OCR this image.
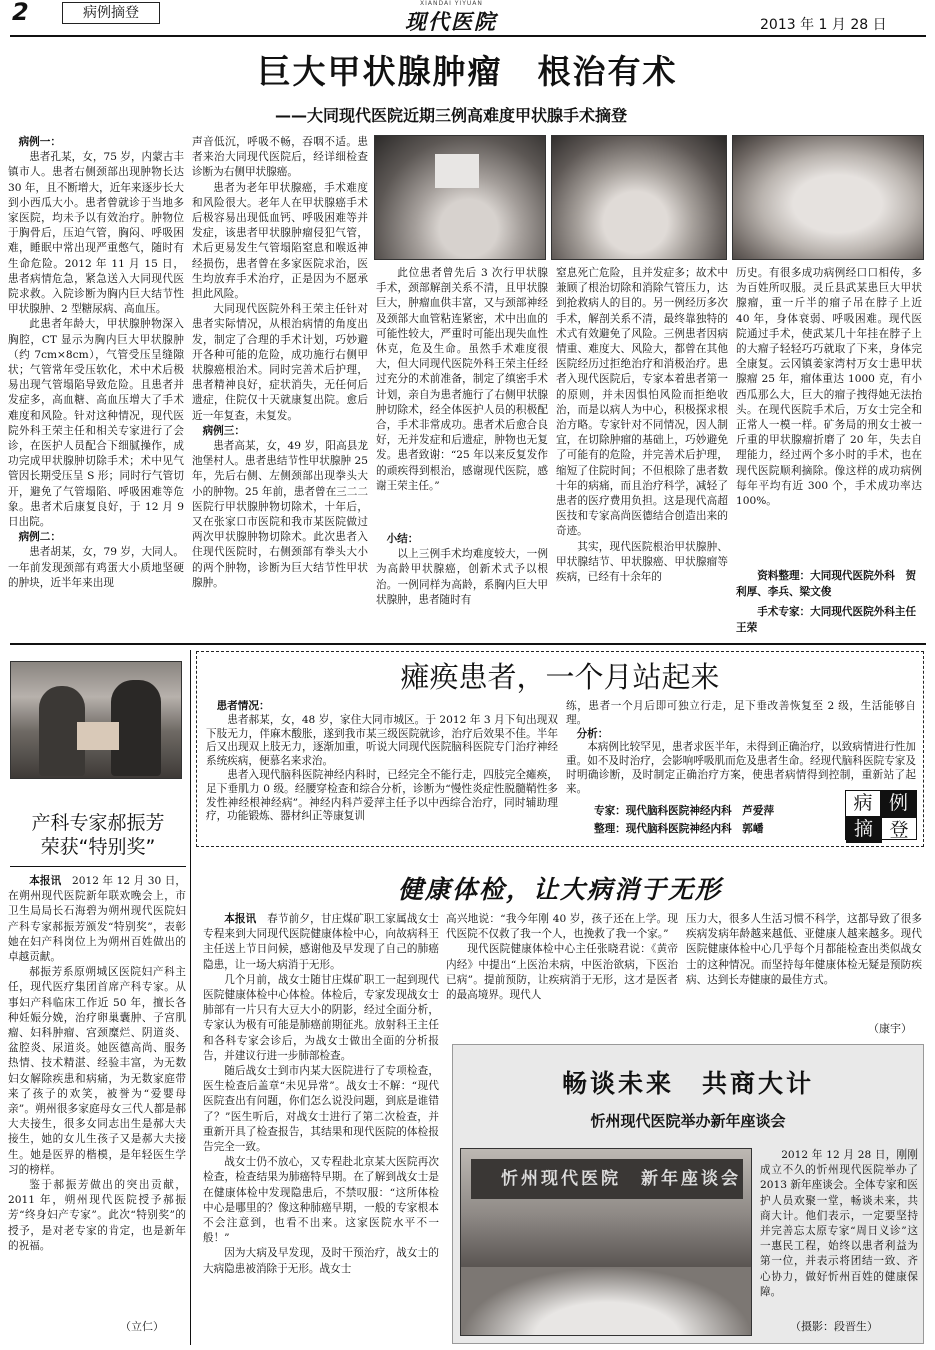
2	病例摘登
XIANDAI YIYUAN
现代医院	2013 年 1 月 28 日
巨大甲状腺肿瘤　根治有术
——大同现代医院近期三例高难度甲状腺手术摘登

病例一：

患者孔某，女，75 岁，内蒙古丰镇市人。患者右侧颈部出现肿物长达 30 年，且不断增大，近年来逐步长大到小西瓜大小。患者曾就诊于当地多家医院，均未予以有效治疗。肿物位于胸骨后，压迫气管，胸闷、呼吸困难，睡眠中常出现严重憋气，随时有生命危险。2012 年 11 月 15 日，患者病情危急，紧急送入大同现代医院求救。入院诊断为胸内巨大结节性甲状腺肿、2 型糖尿病、高血压。

此患者年龄大，甲状腺肿物深入胸腔，CT 显示为胸内巨大甲状腺肿（约 7cm×8cm），气管受压呈缝隙状；气管常年受压软化，术中术后极易出现气管塌陷导致危险。且患者并发症多，高血糖、高血压增大了手术难度和风险。针对这种情况，现代医院外科王荣主任和相关专家进行了会诊，在医护人员配合下细腻操作，成功完成甲状腺肿切除手术；术中见气管因长期受压呈 S 形；同时行气管切开，避免了气管塌陷、呼吸困难等危象。患者术后康复良好，于 12 月 9 日出院。

病例二：

患者胡某，女，79 岁，大同人。一年前发现颈部有鸡蛋大小质地坚硬的肿块，近半年来出现

声音低沉，呼吸不畅，吞咽不适。患者来治大同现代医院后，经详细检查诊断为右侧甲状腺癌。

患者为老年甲状腺癌，手术难度和风险很大。老年人在甲状腺癌手术后极容易出现低血钙、呼吸困难等并发症，该患者甲状腺肿瘤侵犯气管，术后更易发生气管塌陷窒息和喉返神经损伤，患者曾在多家医院求治，医生均放弃手术治疗，正是因为不愿承担此风险。

大同现代医院外科王荣主任针对患者实际情况，从根治病情的角度出发，制定了合理的手术计划，巧妙避开各种可能的危险，成功施行右侧甲状腺癌根治术。同时完善术后护理，患者精神良好，症状消失，无任何后遗症，住院仅十天就康复出院。愈后近一年复查，未复发。

病例三：

患者高某，女，49 岁，阳高县龙池堡村人。患者患结节性甲状腺肿 25 年，先后右侧、左侧颈部出现拳头大小的肿物。25 年前，患者曾在三二二医院行甲状腺肿物切除术，十年后，又在张家口市医院和我市某医院做过两次甲状腺肿物切除术。此次患者入住现代医院时，右侧颈部有拳头大小的两个肿物，诊断为巨大结节性甲状腺肿。

此位患者曾先后 3 次行甲状腺手术，颈部解剖关系不清，且甲状腺巨大，肿瘤血供丰富，又与颈部神经及颈部大血管粘连紧密，术中出血的可能性较大，严重时可能出现失血性休克，危及生命。虽然手术难度很大，但大同现代医院外科王荣主任经过充分的术前准备，制定了缜密手术计划，亲自为患者施行了右侧甲状腺肿切除术，经全体医护人员的积极配合，手术非常成功。患者术后愈合良好，无并发症和后遗症，肿物也无复发。患者致谢：“25 年以来反复发作的顽疾得到根治，感谢现代医院，感谢王荣主任。”

小结：

以上三例手术均难度较大，一例为高龄甲状腺癌，创新术式予以根治。一例同样为高龄，系胸内巨大甲状腺肿，患者随时有

窒息死亡危险，且并发症多；故术中兼顾了根治切除和消除气管压力，达到抢救病人的目的。另一例经历多次手术，解剖关系不清，最终靠独特的术式有效避免了风险。三例患者因病情重、难度大、风险大，都曾在其他医院经历过拒绝治疗和消极治疗。患者入现代医院后，专家本着患者第一的原则，并未因惧怕风险而拒绝收治，而是以病人为中心，积极探求根治方略。专家针对不同情况，因人制宜，在切除肿瘤的基础上，巧妙避免了可能有的危险，并完善术后护理，缩短了住院时间；不但根除了患者数十年的病痛，而且治疗科学，减轻了患者的医疗费用负担。这是现代高超医技和专家高尚医德结合创造出来的奇迹。

其实，现代医院根治甲状腺肿、甲状腺结节、甲状腺癌、甲状腺瘤等疾病，已经有十余年的

历史。有很多成功病例经口口相传，多为百姓所叹服。灵丘县武某患巨大甲状腺瘤，重一斤半的瘤子吊在脖子上近 40 年，身体衰弱、呼吸困难。现代医院通过手术，使武某几十年挂在脖子上的大瘤子轻轻巧巧就取了下来，身体完全康复。云冈镇姜家湾村万女士患甲状腺瘤 25 年，瘤体重达 1000 克，有小西瓜那么大，巨大的瘤子拽得她无法抬头。在现代医院手术后，万女士完全和正常人一模一样。矿务局的刑女士被一斤重的甲状腺瘤折磨了 20 年，失去自理能力，经过两个多小时的手术，也在现代医院顺利摘除。像这样的成功病例每年平均有近 300 个，手术成功率达 100%。

资料整理：大同现代医院外科　贺利厚、李兵、梁文俊
手术专家：大同现代医院外科主任　王荣
产科专家郝振芳
荣获“特别奖”

本报讯　2012 年 12 月 30 日，在朔州现代医院新年联欢晚会上，市卫生局局长石海碧为朔州现代医院妇产科专家郝振芳颁发“特别奖”，表彰她在妇产科岗位上为朔州百姓做出的卓越贡献。

郝振芳系原朔城区医院妇产科主任，现代医疗集团首席产科专家。从事妇产科临床工作近 50 年，擅长各种妊娠分娩，治疗卵巢囊肿、子宫肌瘤、妇科肿瘤、宫颈糜烂、阴道炎、盆腔炎、尿道炎。她医德高尚、服务热情、技术精湛、经验丰富，为无数妇女解除疾患和病痛，为无数家庭带来了孩子的欢笑，被誉为“爱婴母亲”。朔州很多家庭母女三代人都是郝大夫接生，很多女同志出生是郝大夫接生，她的女儿生孩子又是郝大夫接生。她是医界的楷模，是年轻医生学习的榜样。

鉴于郝振芳做出的突出贡献，2011 年，朔州现代医院授予郝振芳“终身妇产专家”。此次“特别奖”的授予，是对老专家的肯定，也是新年的祝福。

（立仁）
瘫痪患者，一个月站起来

患者情况：

患者郝某，女，48 岁，家住大同市城区。于 2012 年 3 月下旬出现双下肢无力，伴麻木酸胀，遂到我市某三级医院就诊，治疗后效果不佳。半年后又出现双上肢无力，逐渐加重，听说大同现代医院脑科医院专门治疗神经系统疾病，便慕名来求治。

患者入现代脑科医院神经内科时，已经完全不能行走，四肢完全瘫痪，足下垂肌力 0 级。经腰穿检查和综合分析，诊断为“慢性炎症性脱髓鞘性多发性神经根神经病”。神经内科芦爱萍主任予以中西综合治疗，同时辅助理疗，功能锻炼、器材纠正等康复训

练，患者一个月后即可独立行走，足下垂改善恢复至 2 级，生活能够自理。

分析：

本病例比较罕见，患者求医半年，未得到正确治疗，以致病情进行性加重。如不及时治疗，会影响呼吸肌而危及患者生命。经现代脑科医院专家及时明确诊断，及时制定正确治疗方案，使患者病情得到控制，重新站了起来。

专家：现代脑科医院神经内科　芦爱萍
整理：现代脑科医院神经内科　郭嶓
病 例
摘 登
健康体检，让大病消于无形

本报讯　春节前夕，甘庄煤矿职工家属战女士专程来到大同现代医院健康体检中心，向故病科王主任送上节日问候，感谢他及早发现了自己的肺癌隐患，让一场大病消于无形。

几个月前，战女士随甘庄煤矿职工一起到现代医院健康体检中心体检。体检后，专家发现战女士肺部有一片只有大豆大小的阴影，经过全面分析，专家认为极有可能是肺癌前期征兆。放射科王主任和各科专家会诊后，为战女士做出全面的分析报告，并建议行进一步肺部检查。

随后战女士到市内某大医院进行了专项检查，医生检查后盖章“未见异常”。战女士不解：“现代医院查出有问题，你们怎么说没问题，到底是谁错了？”医生听后，对战女士进行了第二次检查，并重新开具了检查报告，其结果和现代医院的体检报告完全一致。

战女士仍不放心，又专程赴北京某大医院再次检查，检查结果为肺癌特早期。在了解到战女士是在健康体检中发现隐患后，不禁叹服：“这所体检中心是哪里的？像这种肺癌早期，一般的专家根本不会注意到，也看不出来。这家医院水平不一般！”

因为大病及早发现，及时干预治疗，战女士的大病隐患被消除于无形。战女士

高兴地说：“我今年刚 40 岁，孩子还在上学。现代医院不仅救了我一个人，也挽救了我一个家。”

现代医院健康体检中心主任张晓君说：《黄帝内经》中提出“上医治未病，中医治欲病，下医治已病”。提前预防，让疾病消于无形，这才是医者的最高境界。现代人

压力大，很多人生活习惯不科学，这都导致了很多疾病发病年龄越来越低、亚健康人越来越多。现代医院健康体检中心几乎每个月都能检查出类似战女士的这种情况。而坚持每年健康体检无疑是预防疾病、达到长寿健康的最佳方式。

（康宇）
畅谈未来　共商大计
忻州现代医院举办新年座谈会
忻州现代医院　 新年座谈会

2012 年 12 月 28 日，刚刚成立不久的忻州现代医院举办了 2013 新年座谈会。全体专家和医护人员欢聚一堂，畅谈未来，共商大计。他们表示，一定要坚持并完善忘太原专家“周日义诊”这一惠民工程，始终以患者利益为第一位，并表示将团结一致、齐心协力，做好忻州百姓的健康保障。

（摄影：段晋生）
